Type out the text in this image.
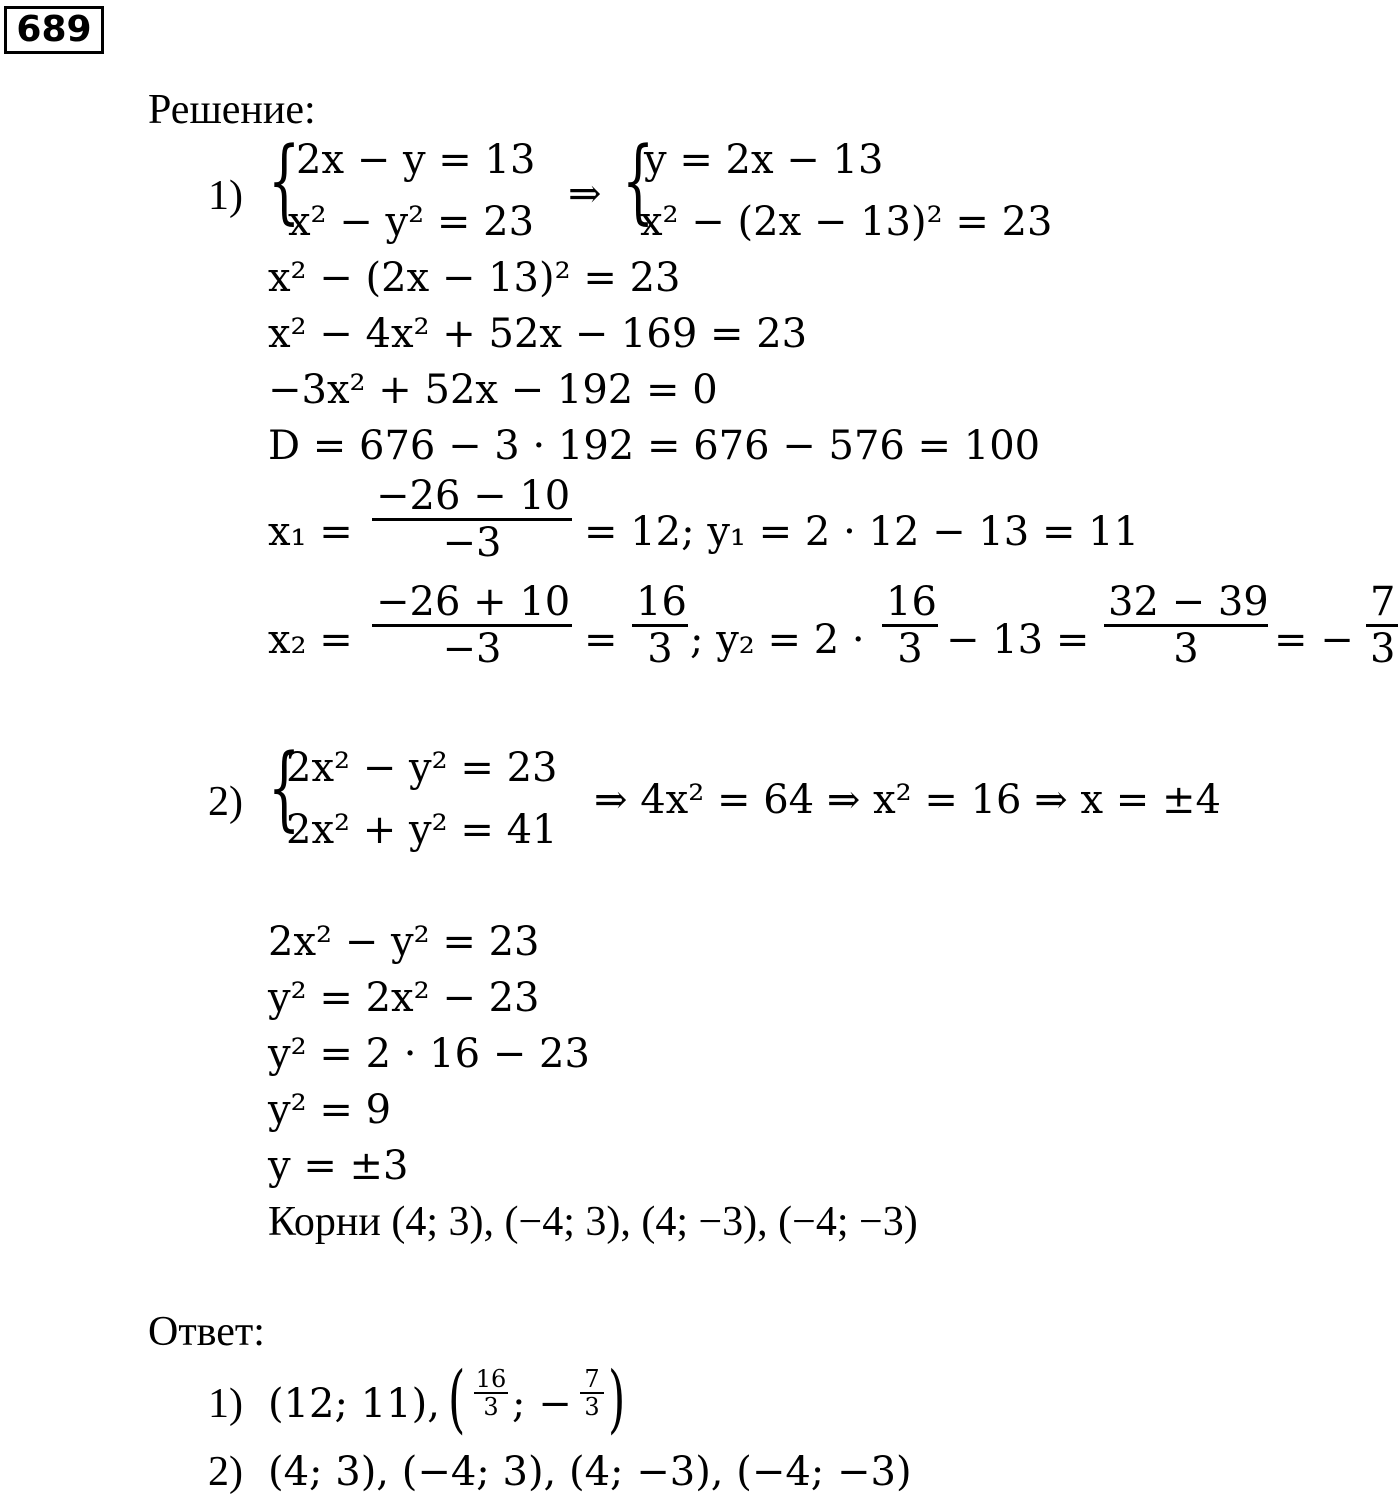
689
Решение:
1) {
2x − y = 13
x² − y² = 23
⇒ {
y = 2x − 13
x² − (2x − 13)² = 23
x² − (2x − 13)² = 23
x² − 4x² + 52x − 169 = 23
−3x² + 52x − 192 = 0
D = 676 − 3 · 192 = 676 − 576 = 100
$x_1 = \frac{-26 - 10}{-3} = 12$; y₁ = 2 · 12 − 13 = 11
$x_2 = \frac{-26 + 10}{-3} = \frac{16}{3}$ ; $y_2 = 2 \cdot \frac{16}{3} - 13 = \frac{32 - 39}{3}$ = − $\frac{7}{3}$
2) {
2x² − y² = 23
2x² + y² = 41
⇒ 4x² = 64 ⇒ x² = 16 ⇒ x = ±4
2x² − y² = 23
y² = 2x² − 23
y² = 2 · 16 − 23
y² = 9
y = ±3
Корни (4; 3), (−4; 3), (4; −3), (−4; −3)
Ответ:
1) (12; 11), ( $\frac{16}{3}$ ; − $\frac{7}{3}$ )
2) (4; 3), (−4; 3), (4; −3), (−4; −3)
